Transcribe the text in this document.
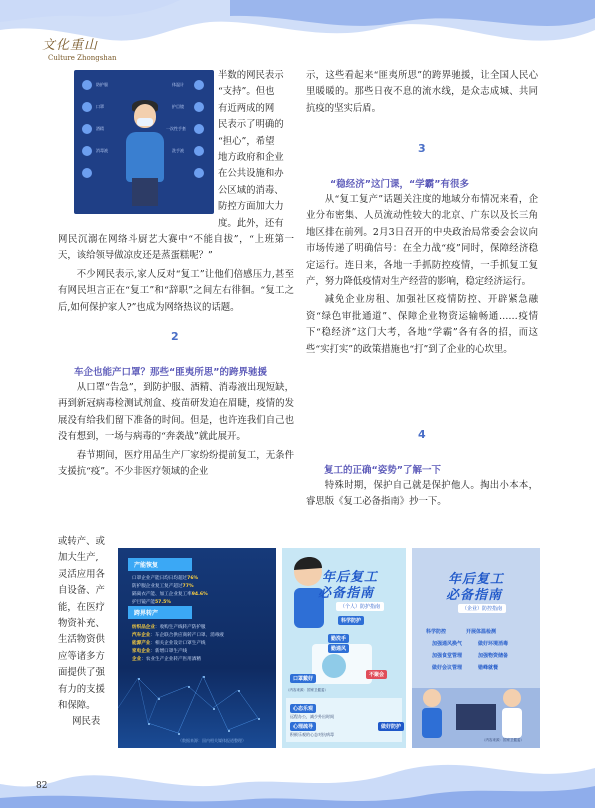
文化重山
Culture Zhongshan
防护服
口罩
酒精
消毒液
体温计
护目镜
一次性手套
洗手液
半数的网民表示
“支持”。但也
有近两成的网
民表示了明确的
“担心”，希望
地方政府和企业
在公共设施和办
公区域的消毒、
防控方面加大力
度。此外，还有

网民沉溺在网络斗厨艺大赛中“不能自拔”，“上班第一天，该给领导做凉皮还是蒸蛋糕呢？”

不少网民表示,家人反对“复工”让他们倍感压力,甚至有网民坦言正在“复工”和“辞职”之间左右徘徊。“复工之后,如何保护家人?”也成为网络热议的话题。

2
车企也能产口罩？那些“匪夷所思”的跨界驰援

从口罩“告急”，到防护服、酒精、消毒液出现短缺，再到新冠病毒检测试剂盒、疫苗研发迫在眉睫，疫情的发展没有给我们留下准备的时间。但是，也许连我们自己也没有想到，一场与病毒的“奔袭战”就此展开。

春节期间，医疗用品生产厂家纷纷提前复工，无条件支援抗“疫”。不少非医疗领域的企业

或转产、或
加大生产,
灵活应用各
自设备、产
能，在医疗
物资补充、
生活物资供
应等诸多方
面提供了强
有力的支援
和保障。
网民表

示，这些看起来“匪夷所思”的跨界驰援，让全国人民心里暖暖的。那些日夜不息的流水线，是众志成城、共同抗疫的坚实后盾。

3
“稳经济”这门课，“学霸”有很多

从“复工复产”话题关注度的地域分布情况来看，企业分布密集、人员流动性较大的北京、广东以及长三角地区排在前列。2月3日召开的中央政治局常委会会议向市场传递了明确信号：在全力战“疫”同时，保障经济稳定运行。连日来，各地一手抓防控疫情，一手抓复工复产，努力降低疫情对生产经营的影响，稳定经济运行。

减免企业房租、加强社区疫情防控、开辟紧急融资“绿色审批通道”、保障企业物资运输畅通……疫情下“稳经济”这门大考，各地“学霸”各有各的招，而这些“实打实”的政策措施也“打”到了企业的心坎里。

4
复工的正确“姿势”了解一下

特殊时期，保护自己就是保护他人。掏出小本本，睿思版《复工必备指南》抄一下。

产能恢复
口罩企业产能日均日均超过76%
防护服企业复工复产超过77%
隔离衣产能、加工企业复工率94.6%
护目镜产能57.5%
跨界转产
纺织品企业：收购生产线转产防护服
汽车企业：车企联合供应商转产口罩、消毒液
能源产业：相关企业设计口罩生产线
家电企业：新增口罩生产线
企业：农业生产企业转产医用酒精
（数据来源：国内相关媒体报道整理）
年后复工
必备指南
（个人）防护指南
科学防护
勤洗手
勤通风
口罩戴好
不聚会
心态乐观
远程办公，减少外出时间
心理疏导
积极乐观的心态对抗病毒
做好防护
（内容来源：国家卫健委）
年后复工
必备指南
（企业）防控指南
科学防控	开展体温检测
加强通风换气	做好环境消毒
加强食堂管理	加强物资储备
做好会议管理	错峰就餐
（内容来源：国家卫健委）
82
